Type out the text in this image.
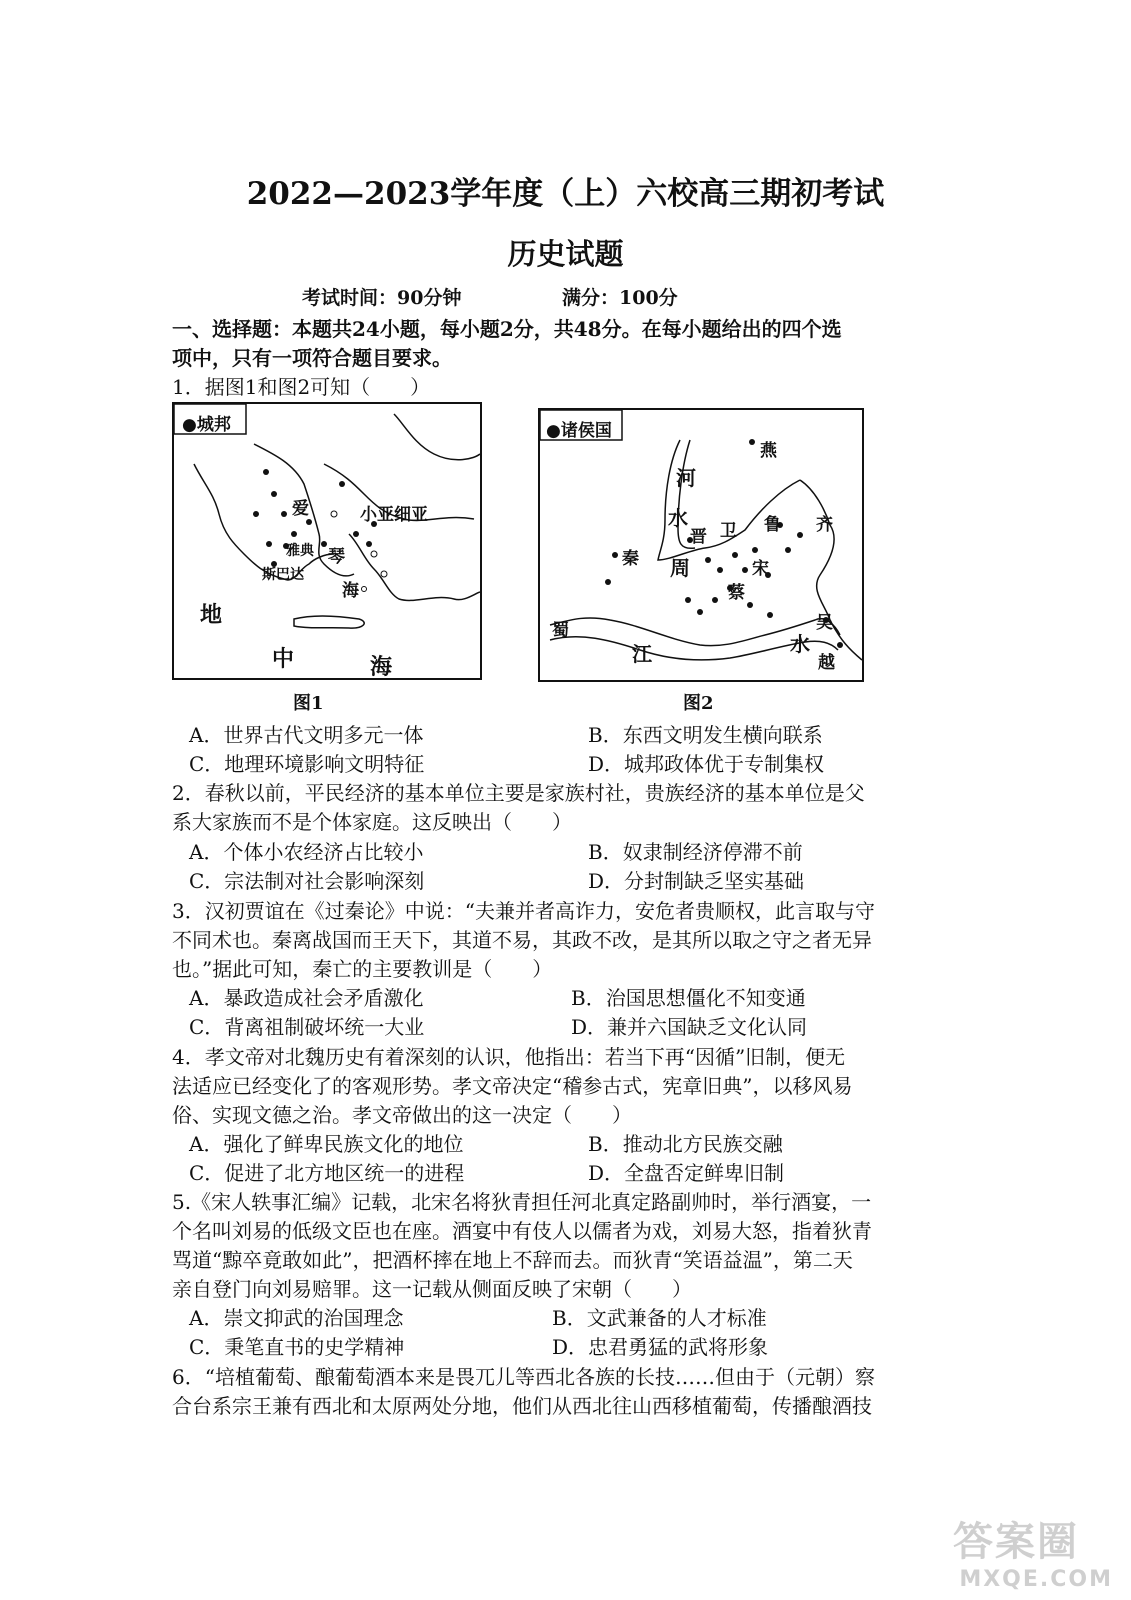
2022—2023学年度（上）六校高三期初考试
历史试题
考试时间：90分钟	满分：100分
一、选择题：本题共24小题，每小题2分，共48分。在每小题给出的四个选
项中，只有一项符合题目要求。
1．据图1和图2可知（　　）
●城邦
爱	小亚细亚
雅典 琴
斯巴达
海
地
中	海
图1
●诸侯国
燕
河
水
晋 卫 鲁 齐
秦 周	宋
蔡
蜀
江
吴
水
越
图2
A．世界古代文明多元一体	B．东西文明发生横向联系
C．地理环境影响文明特征	D．城邦政体优于专制集权
2．春秋以前，平民经济的基本单位主要是家族村社，贵族经济的基本单位是父
系大家族而不是个体家庭。这反映出（　　）
A．个体小农经济占比较小	B．奴隶制经济停滞不前
C．宗法制对社会影响深刻	D．分封制缺乏坚实基础
3．汉初贾谊在《过秦论》中说：“夫兼并者高诈力，安危者贵顺权，此言取与守
不同术也。秦离战国而王天下，其道不易，其政不改，是其所以取之守之者无异
也。”据此可知，秦亡的主要教训是（　　）
A．暴政造成社会矛盾激化	B．治国思想僵化不知变通
C．背离祖制破坏统一大业	D．兼并六国缺乏文化认同
4．孝文帝对北魏历史有着深刻的认识，他指出：若当下再“因循”旧制，便无
法适应已经变化了的客观形势。孝文帝决定“稽参古式，宪章旧典”，以移风易
俗、实现文德之治。孝文帝做出的这一决定（　　）
A．强化了鲜卑民族文化的地位	B．推动北方民族交融
C．促进了北方地区统一的进程	D．全盘否定鲜卑旧制
5.《宋人轶事汇编》记载，北宋名将狄青担任河北真定路副帅时，举行酒宴，一
个名叫刘易的低级文臣也在座。酒宴中有伎人以儒者为戏，刘易大怒，指着狄青
骂道“黥卒竟敢如此”，把酒杯摔在地上不辞而去。而狄青“笑语益温”，第二天
亲自登门向刘易赔罪。这一记载从侧面反映了宋朝（　　）
A．崇文抑武的治国理念	B．文武兼备的人才标准
C．秉笔直书的史学精神	D．忠君勇猛的武将形象
6．“培植葡萄、酿葡萄酒本来是畏兀儿等西北各族的长技……但由于（元朝）察
合台系宗王兼有西北和太原两处分地，他们从西北往山西移植葡萄，传播酿酒技
答案圈
MXQE.COM
